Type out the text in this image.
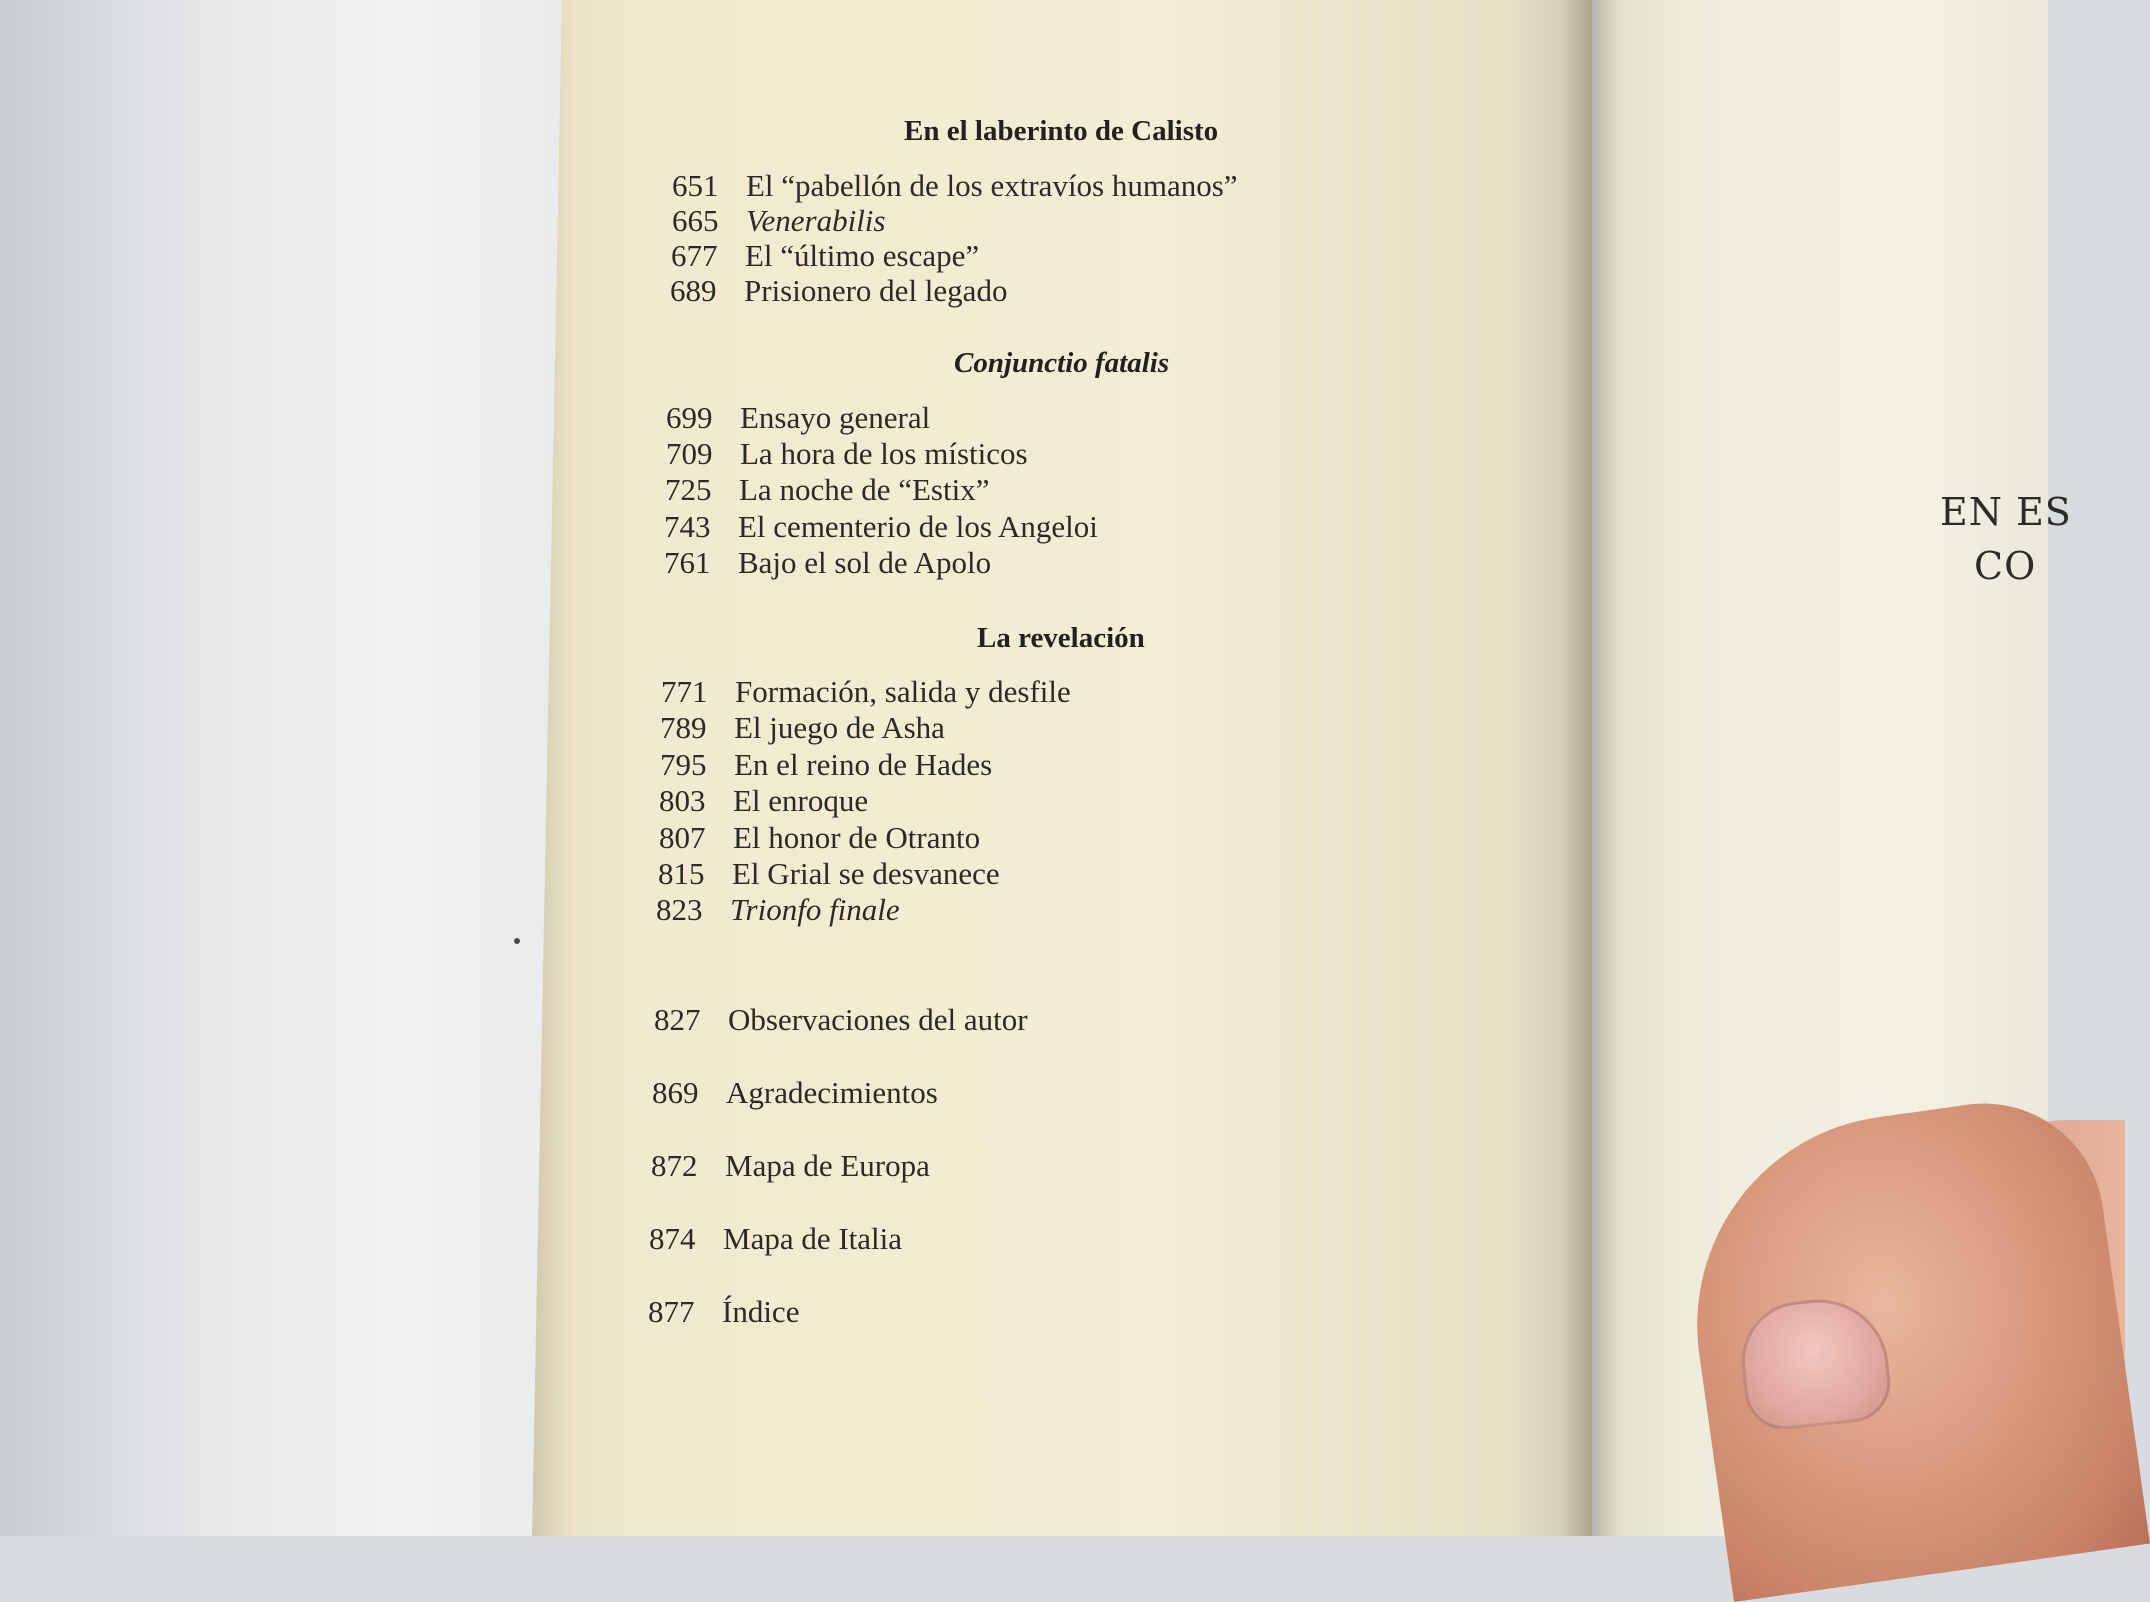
EN ES
CO
En el laberinto de Calisto
651 El “pabellón de los extravíos humanos”
665 Venerabilis
677 El “último escape”
689 Prisionero del legado
Conjunctio fatalis
699 Ensayo general
709 La hora de los místicos
725 La noche de “Estix”
743 El cementerio de los Angeloi
761 Bajo el sol de Apolo
La revelación
771 Formación, salida y desfile
789 El juego de Asha
795 En el reino de Hades
803 El enroque
807 El honor de Otranto
815 El Grial se desvanece
823 Trionfo finale
827 Observaciones del autor
869 Agradecimientos
872 Mapa de Europa
874 Mapa de Italia
877 Índice
